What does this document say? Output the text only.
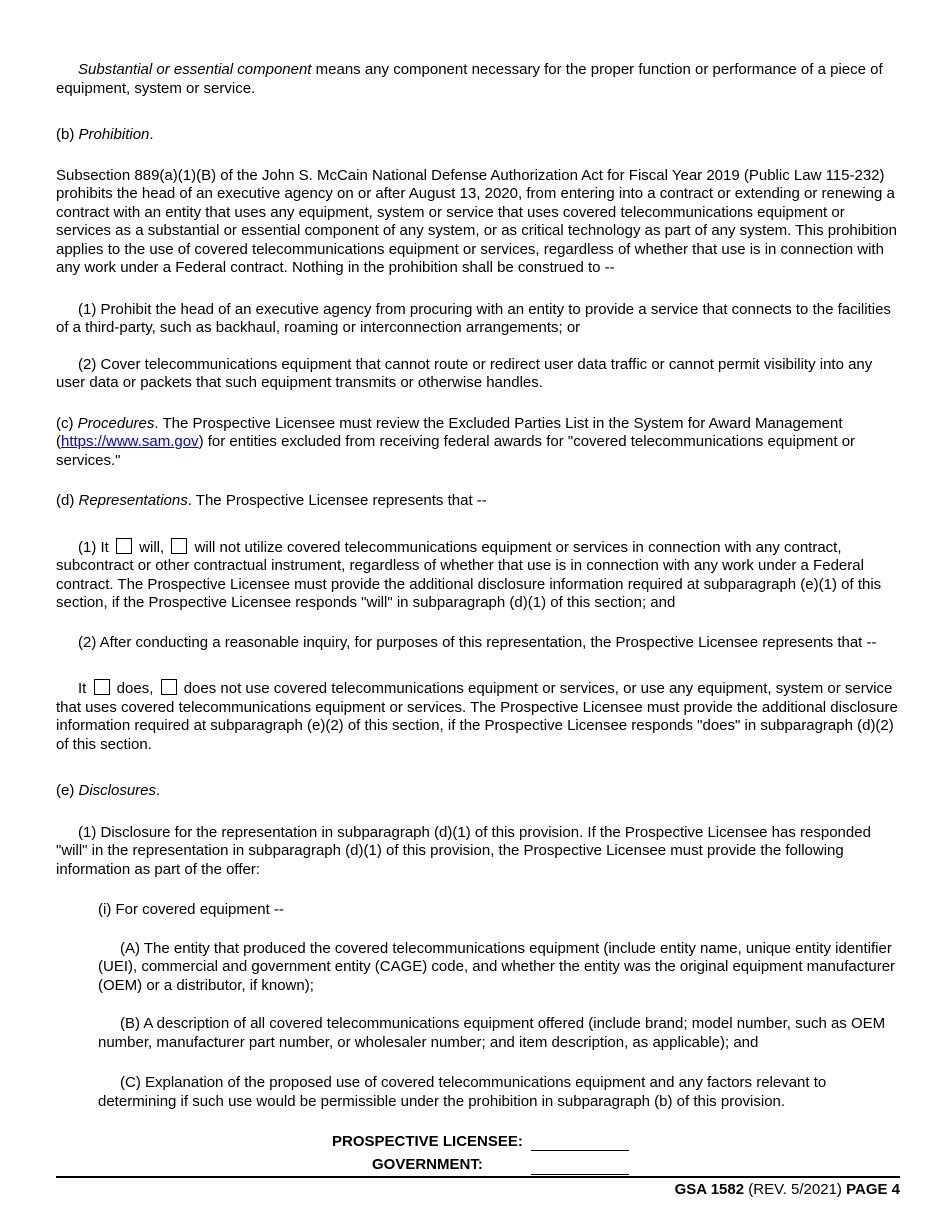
Substantial or essential component means any component necessary for the proper function or performance of a piece of equipment, system or service.

(b) Prohibition.

Subsection 889(a)(1)(B) of the John S. McCain National Defense Authorization Act for Fiscal Year 2019 (Public Law 115-232) prohibits the head of an executive agency on or after August 13, 2020, from entering into a contract or extending or renewing a contract with an entity that uses any equipment, system or service that uses covered telecommunications equipment or services as a substantial or essential component of any system, or as critical technology as part of any system. This prohibition applies to the use of covered telecommunications equipment or services, regardless of whether that use is in connection with any work under a Federal contract. Nothing in the prohibition shall be construed to --

(1) Prohibit the head of an executive agency from procuring with an entity to provide a service that connects to the facilities of a third-party, such as backhaul, roaming or interconnection arrangements; or

(2) Cover telecommunications equipment that cannot route or redirect user data traffic or cannot permit visibility into any user data or packets that such equipment transmits or otherwise handles.

(c) Procedures. The Prospective Licensee must review the Excluded Parties List in the System for Award Management (https://www.sam.gov) for entities excluded from receiving federal awards for "covered telecommunications equipment or services."

(d) Representations. The Prospective Licensee represents that --

(1) It  will,  will not utilize covered telecommunications equipment or services in connection with any contract, subcontract or other contractual instrument, regardless of whether that use is in connection with any work under a Federal contract. The Prospective Licensee must provide the additional disclosure information required at subparagraph (e)(1) of this section, if the Prospective Licensee responds "will" in subparagraph (d)(1) of this section; and

(2) After conducting a reasonable inquiry, for purposes of this representation, the Prospective Licensee represents that --

It  does,  does not use covered telecommunications equipment or services, or use any equipment, system or service that uses covered telecommunications equipment or services. The Prospective Licensee must provide the additional disclosure information required at subparagraph (e)(2) of this section, if the Prospective Licensee responds "does" in subparagraph (d)(2) of this section.

(e) Disclosures.

(1) Disclosure for the representation in subparagraph (d)(1) of this provision. If the Prospective Licensee has responded "will" in the representation in subparagraph (d)(1) of this provision, the Prospective Licensee must provide the following information as part of the offer:

(i) For covered equipment --

(A) The entity that produced the covered telecommunications equipment (include entity name, unique entity identifier (UEI), commercial and government entity (CAGE) code, and whether the entity was the original equipment manufacturer (OEM) or a distributor, if known);

(B) A description of all covered telecommunications equipment offered (include brand; model number, such as OEM number, manufacturer part number, or wholesaler number; and item description, as applicable); and

(C) Explanation of the proposed use of covered telecommunications equipment and any factors relevant to determining if such use would be permissible under the prohibition in subparagraph (b) of this provision.

PROSPECTIVE LICENSEE:
GOVERNMENT:
GSA 1582 (REV. 5/2021) PAGE 4
